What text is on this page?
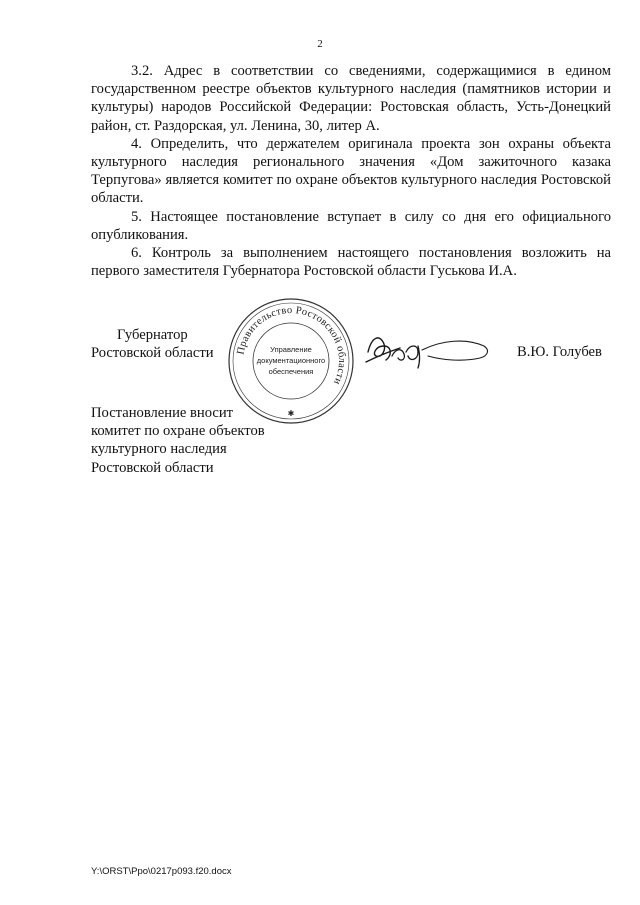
2

3.2. Адрес в соответствии со сведениями, содержащимися в едином государственном реестре объектов культурного наследия (памятников истории и культуры) народов Российской Федерации: Ростовская область, Усть-Донецкий район, ст. Раздорская, ул. Ленина, 30, литер А.

4. Определить, что держателем оригинала проекта зон охраны объекта культурного наследия регионального значения «Дом зажиточного казака Терпугова» является комитет по охране объектов культурного наследия Ростовской области.

5. Настоящее постановление вступает в силу со дня его официального опубликования.

6. Контроль за выполнением настоящего постановления возложить на первого заместителя Губернатора Ростовской области Гуськова И.А.

Губернатор
Ростовской области Правительство Ростовской области
Управление
документационного
обеспечения
✱
В.Ю. Голубев
Постановление вносит
комитет по охране объектов
культурного наследия
Ростовской области
Y:\ORST\Ppo\0217p093.f20.docx
